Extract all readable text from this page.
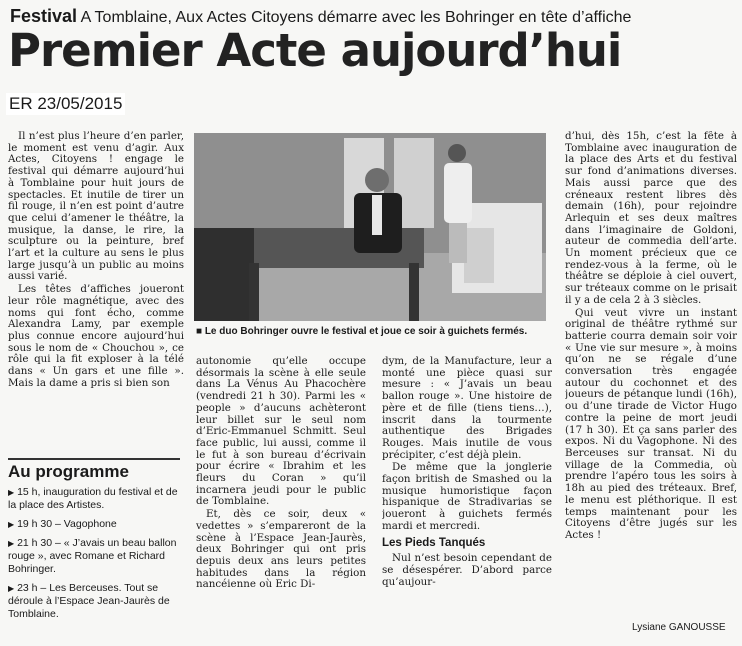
Festival A Tomblaine, Aux Actes Citoyens démarre avec les Bohringer en tête d’affiche
Premier Acte aujourd’hui
ER 23/05/2015

Il n’est plus l’heure d’en parler, le moment est venu d’agir. Aux Actes, Citoyens ! engage le festival qui démarre aujourd’hui à Tomblaine pour huit jours de spectacles. Et inutile de tirer un fil rouge, il n’en est point d’autre que celui d’amener le théâtre, la musique, la danse, le rire, la sculpture ou la peinture, bref l’art et la culture au sens le plus large jusqu’à un public au moins aussi varié.

Les têtes d’affiches joueront leur rôle magnétique, avec des noms qui font écho, comme Alexandra Lamy, par exemple plus connue encore aujourd’hui sous le nom de « Chouchou », ce rôle qui la fit exploser à la télé dans « Un gars et une fille ». Mais la dame a pris si bien son

Au programme
▶ 15 h, inauguration du festival et de la place des Artistes.
▶ 19 h 30 – Vagophone
▶ 21 h 30 – « J’avais un beau ballon rouge », avec Romane et Richard Bohringer.
▶ 23 h – Les Berceuses. Tout se déroule à l’Espace Jean-Jaurès de Tomblaine.
■ Le duo Bohringer ouvre le festival et joue ce soir à guichets fermés.

autonomie qu’elle occupe désormais la scène à elle seule dans La Vénus Au Phacochère (vendredi 21 h 30). Parmi les « people » d’aucuns achèteront leur billet sur le seul nom d’Eric-Emmanuel Schmitt. Seul face public, lui aussi, comme il le fut à son bureau d’écrivain pour écrire « Ibrahim et les fleurs du Coran » qu’il incarnera jeudi pour le public de Tomblaine.

Et, dès ce soir, deux « vedettes » s’empareront de la scène à l’Espace Jean-Jaurès, deux Bohringer qui ont pris depuis deux ans leurs petites habitudes dans la région nancéienne où Eric Di-

dym, de la Manufacture, leur a monté une pièce quasi sur mesure : « J’avais un beau ballon rouge ». Une histoire de père et de fille (tiens tiens…), inscrit dans la tourmente authentique des Brigades Rouges. Mais inutile de vous précipiter, c’est déjà plein.

De même que la jonglerie façon british de Smashed ou la musique humoristique façon hispanique de Stradivarias se joueront à guichets fermés mardi et mercredi.

Les Pieds Tanqués

Nul n’est besoin cependant de se désespérer. D’abord parce qu’aujour-

d’hui, dès 15h, c’est la fête à Tomblaine avec inauguration de la place des Arts et du festival sur fond d’animations diverses. Mais aussi parce que des créneaux restent libres dès demain (16h), pour rejoindre Arlequin et ses deux maîtres dans l’imaginaire de Goldoni, auteur de commedia dell’arte. Un moment précieux que ce rendez-vous à la ferme, où le théâtre se déploie à ciel ouvert, sur tréteaux comme on le prisait il y a de cela 2 à 3 siècles.

Qui veut vivre un instant original de théâtre rythmé sur batterie courra demain soir voir « Une vie sur mesure », à moins qu’on ne se régale d’une conversation très engagée autour du cochonnet et des joueurs de pétanque lundi (16h), ou d’une tirade de Victor Hugo contre la peine de mort jeudi (17 h 30). Et ça sans parler des expos. Ni du Vagophone. Ni des Berceuses sur transat. Ni du village de la Commedia, où prendre l’apéro tous les soirs à 18h au pied des tréteaux. Bref, le menu est pléthorique. Il est temps maintenant pour les Citoyens d’être jugés sur les Actes !

Lysiane GANOUSSE
